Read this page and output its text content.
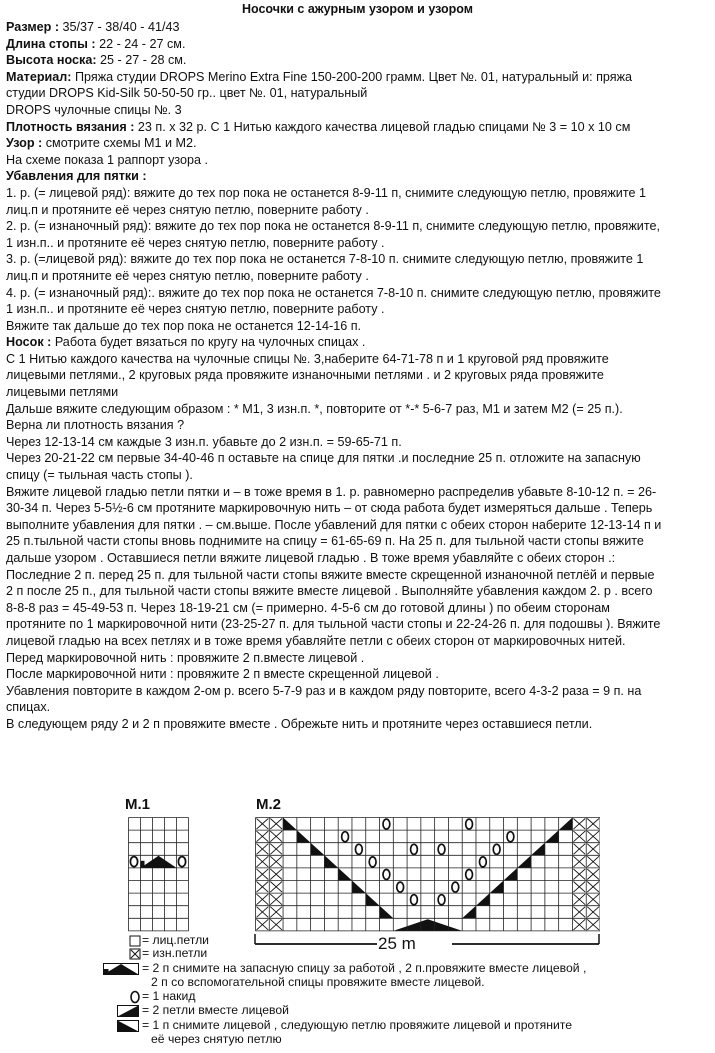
Носочки с ажурным узором и узором
Размер : 35/37 - 38/40 - 41/43
Длина стопы : 22 - 24 - 27 см.
Высота носка: 25 - 27 - 28 см.
Материал: Пряжа студии DROPS Merino Extra Fine 150-200-200 грамм. Цвет №. 01, натуральный и: пряжа
студии DROPS Kid-Silk 50-50-50 гр.. цвет №. 01, натуральный
DROPS чулочные спицы №. 3
Плотность вязания : 23 п. х 32 р. С 1 Нитью каждого качества лицевой гладью спицами № 3 = 10 х 10 см
Узор : смотрите схемы M1 и M2.
На схеме показа 1 раппорт узора .
Убавления для пятки :
1. р. (= лицевой ряд): вяжите до тех пор пока не останется 8-9-11 п, снимите следующую петлю, провяжите 1
лиц.п и протяните её через снятую петлю, поверните работу .
2. р. (= изнаночный ряд): вяжите до тех пор пока не останется 8-9-11 п, снимите следующую петлю, провяжите,
1 изн.п.. и протяните её через снятую петлю, поверните работу .
3. р. (=лицевой ряд): вяжите до тех пор пока не останется 7-8-10 п. снимите следующую петлю, провяжите 1
лиц.п и протяните её через снятую петлю, поверните работу .
4. р. (= изнаночный ряд):. вяжите до тех пор пока не останется 7-8-10 п. снимите следующую петлю, провяжите
1 изн.п.. и протяните её через снятую петлю, поверните работу .
Вяжите так дальше до тех пор пока не останется 12-14-16 п.
Носок : Работа будет вязаться по кругу на чулочных спицах .
С 1 Нитью каждого качества на чулочные спицы №. 3,наберите 64-71-78 п и 1 круговой ряд провяжите
лицевыми петлями., 2 круговых ряда провяжите изнаночными петлями . и 2 круговых ряда провяжите
лицевыми петлями
Дальше вяжите следующим образом : * M1, 3 изн.п. *, повторите от *-* 5-6-7 раз, M1 и затем M2 (= 25 п.).
Верна ли плотность вязания ?
Через 12-13-14 см каждые 3 изн.п. убавьте до 2 изн.п. = 59-65-71 п.
Через 20-21-22 см первые 34-40-46 п оставьте на спице для пятки .и последние 25 п. отложите на запасную
спицу (= тыльная часть стопы ).
Вяжите лицевой гладью петли пятки и – в тоже время в 1. р. равномерно распределив убавьте 8-10-12 п. = 26-
30-34 п. Через 5-5½-6 см протяните маркировочную нить – от сюда работа будет измеряться дальше . Теперь
выполните убавления для пятки . – см.выше. После убавлений для пятки с обеих сторон наберите 12-13-14 п и
25 п.тыльной части стопы вновь поднимите на спицу = 61-65-69 п. На 25 п. для тыльной части стопы вяжите
дальше узором . Оставшиеся петли вяжите лицевой гладью . В тоже время убавляйте с обеих сторон .:
Последние 2 п. перед 25 п. для тыльной части стопы вяжите вместе скрещенной изнаночной петлёй и первые
2 п после 25 п., для тыльной части стопы вяжите вместе лицевой . Выполняйте убавления каждом 2. р . всего
8-8-8 раз = 45-49-53 п. Через 18-19-21 см (= примерно. 4-5-6 см до готовой длины ) по обеим сторонам
протяните по 1 маркировочной нити (23-25-27 п. для тыльной части стопы и 22-24-26 п. для подошвы ). Вяжите
лицевой гладью на всех петлях и в тоже время убавляйте петли с обеих сторон от маркировочных нитей.
Перед маркировочной нить : провяжите 2 п.вместе лицевой .
После маркировочной нити : провяжите 2 п вместе скрещенной лицевой .
Убавления повторите в каждом 2-ом р. всего 5-7-9 раз и в каждом ряду повторите, всего 4-3-2 раза = 9 п. на
спицах.
В следующем ряду 2 и 2 п провяжите вместе . Обрежьте нить и протяните через оставшиеся петли.
M.1	M.2
25 m
= лиц.петли
= изн.петли
= 2 п снимите на запасную спицу за работой , 2 п.провяжите вместе лицевой ,
2 п со вспомогательной спицы провяжите вместе лицевой.
= 1 накид
= 2 петли вместе лицевой
= 1 п снимите лицевой , следующую петлю провяжите лицевой и протяните
её через снятую петлю
